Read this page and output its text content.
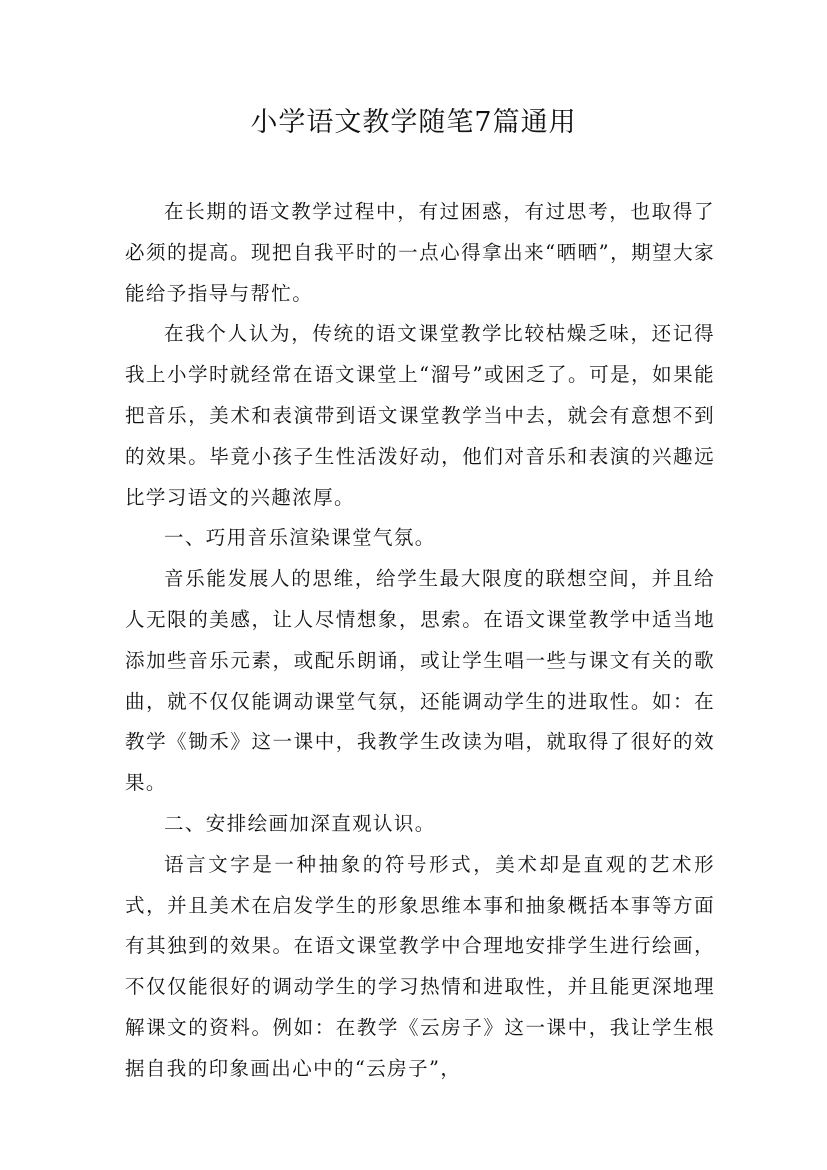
小学语文教学随笔7篇通用

在长期的语文教学过程中，有过困惑，有过思考，也取得了必须的提高。现把自我平时的一点心得拿出来“晒晒”，期望大家能给予指导与帮忙。

在我个人认为，传统的语文课堂教学比较枯燥乏味，还记得我上小学时就经常在语文课堂上“溜号”或困乏了。可是，如果能把音乐，美术和表演带到语文课堂教学当中去，就会有意想不到的效果。毕竟小孩子生性活泼好动，他们对音乐和表演的兴趣远比学习语文的兴趣浓厚。

一、巧用音乐渲染课堂气氛。

音乐能发展人的思维，给学生最大限度的联想空间，并且给人无限的美感，让人尽情想象，思索。在语文课堂教学中适当地添加些音乐元素，或配乐朗诵，或让学生唱一些与课文有关的歌曲，就不仅仅能调动课堂气氛，还能调动学生的进取性。如：在教学《锄禾》这一课中，我教学生改读为唱，就取得了很好的效果。

二、安排绘画加深直观认识。

语言文字是一种抽象的符号形式，美术却是直观的艺术形式，并且美术在启发学生的形象思维本事和抽象概括本事等方面有其独到的效果。在语文课堂教学中合理地安排学生进行绘画，不仅仅能很好的调动学生的学习热情和进取性，并且能更深地理解课文的资料。例如：在教学《云房子》这一课中，我让学生根据自我的印象画出心中的“云房子”，
